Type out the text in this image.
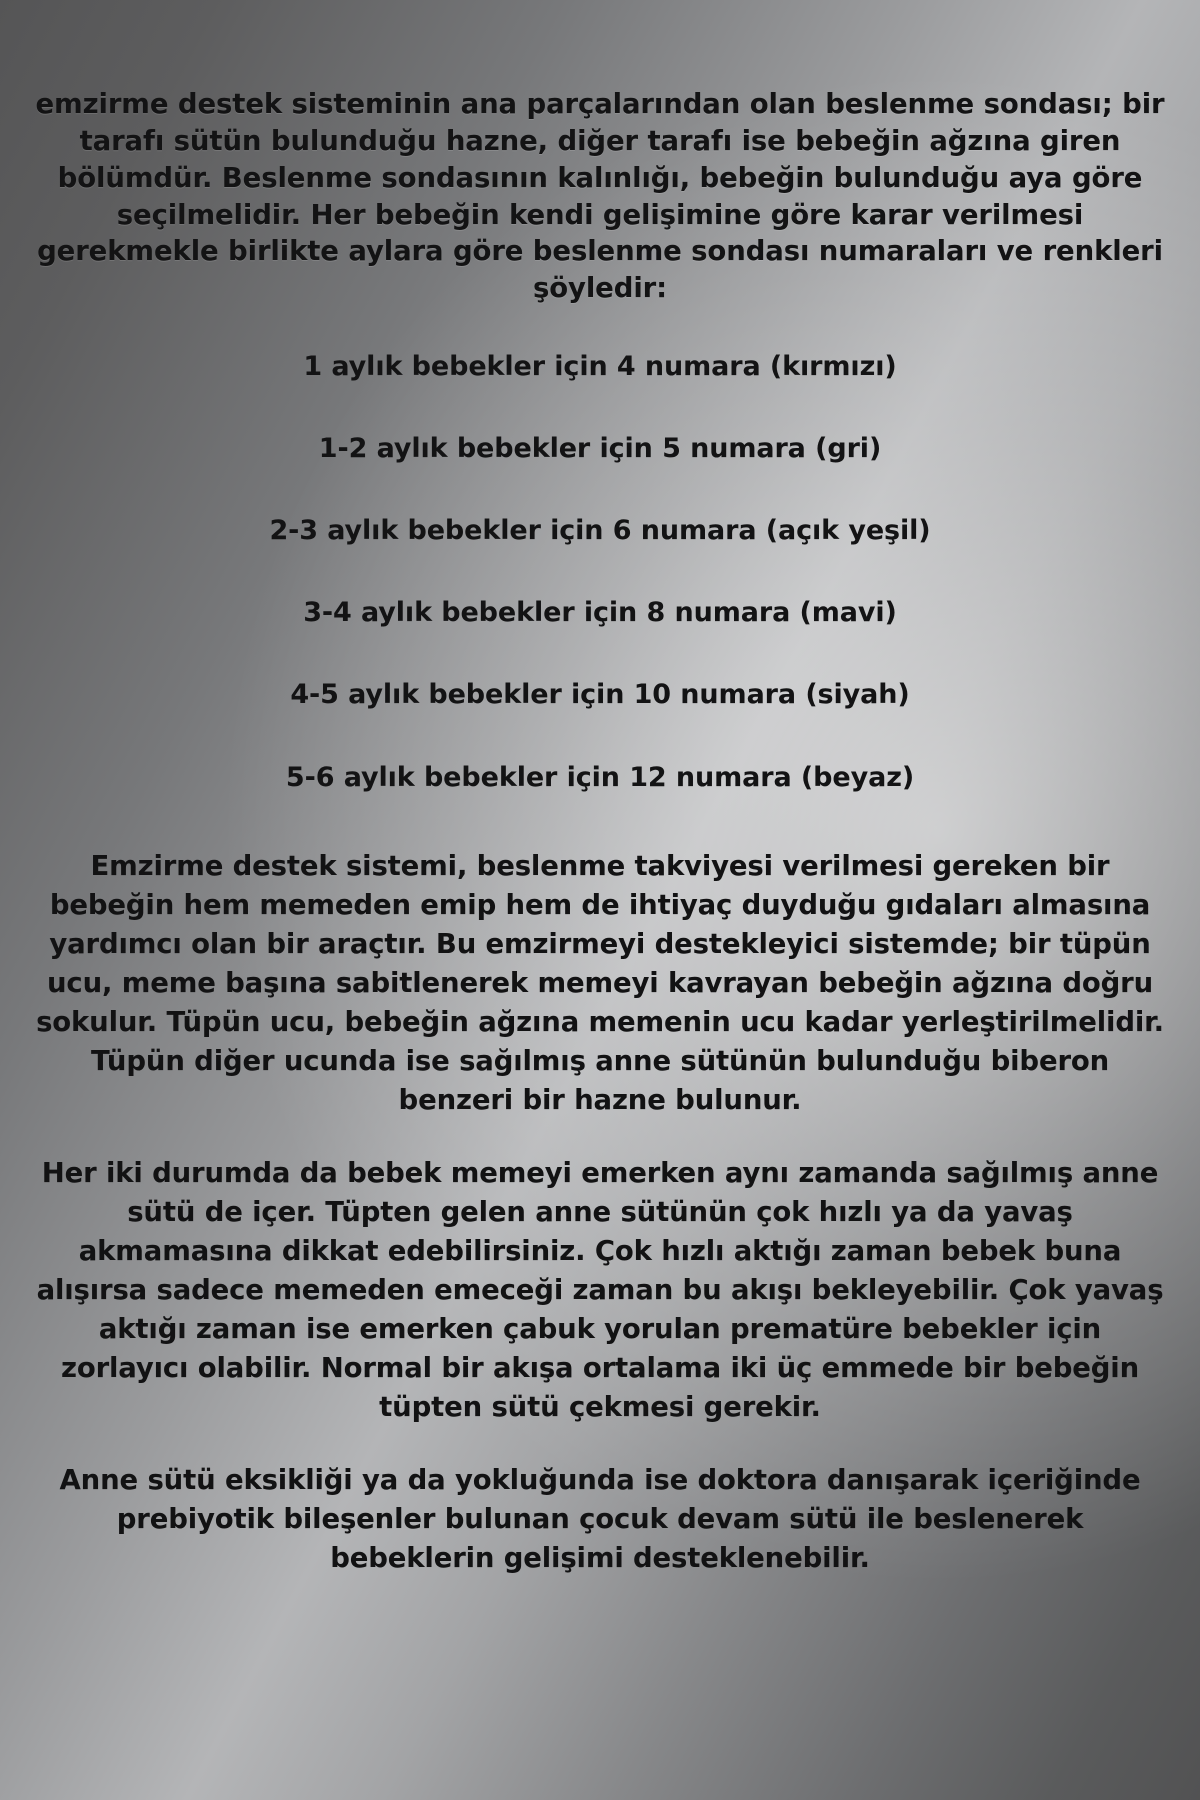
emzirme destek sisteminin ana parçalarından olan beslenme sondası; bir tarafı sütün bulunduğu hazne, diğer tarafı ise bebeğin ağzına giren bölümdür. Beslenme sondasının kalınlığı, bebeğin bulunduğu aya göre seçilmelidir. Her bebeğin kendi gelişimine göre karar verilmesi gerekmekle birlikte aylara göre beslenme sondası numaraları ve renkleri şöyledir:

1 aylık bebekler için 4 numara (kırmızı)
1-2 aylık bebekler için 5 numara (gri)
2-3 aylık bebekler için 6 numara (açık yeşil)
3-4 aylık bebekler için 8 numara (mavi)
4-5 aylık bebekler için 10 numara (siyah)
5-6 aylık bebekler için 12 numara (beyaz)

Emzirme destek sistemi, beslenme takviyesi verilmesi gereken bir bebeğin hem memeden emip hem de ihtiyaç duyduğu gıdaları almasına yardımcı olan bir araçtır. Bu emzirmeyi destekleyici sistemde; bir tüpün ucu, meme başına sabitlenerek memeyi kavrayan bebeğin ağzına doğru sokulur. Tüpün ucu, bebeğin ağzına memenin ucu kadar yerleştirilmelidir. Tüpün diğer ucunda ise sağılmış anne sütünün bulunduğu biberon benzeri bir hazne bulunur.

Her iki durumda da bebek memeyi emerken aynı zamanda sağılmış anne sütü de içer. Tüpten gelen anne sütünün çok hızlı ya da yavaş akmamasına dikkat edebilirsiniz. Çok hızlı aktığı zaman bebek buna alışırsa sadece memeden emeceği zaman bu akışı bekleyebilir. Çok yavaş aktığı zaman ise emerken çabuk yorulan prematüre bebekler için zorlayıcı olabilir. Normal bir akışa ortalama iki üç emmede bir bebeğin tüpten sütü çekmesi gerekir.

Anne sütü eksikliği ya da yokluğunda ise doktora danışarak içeriğinde prebiyotik bileşenler bulunan çocuk devam sütü ile beslenerek bebeklerin gelişimi desteklenebilir.
